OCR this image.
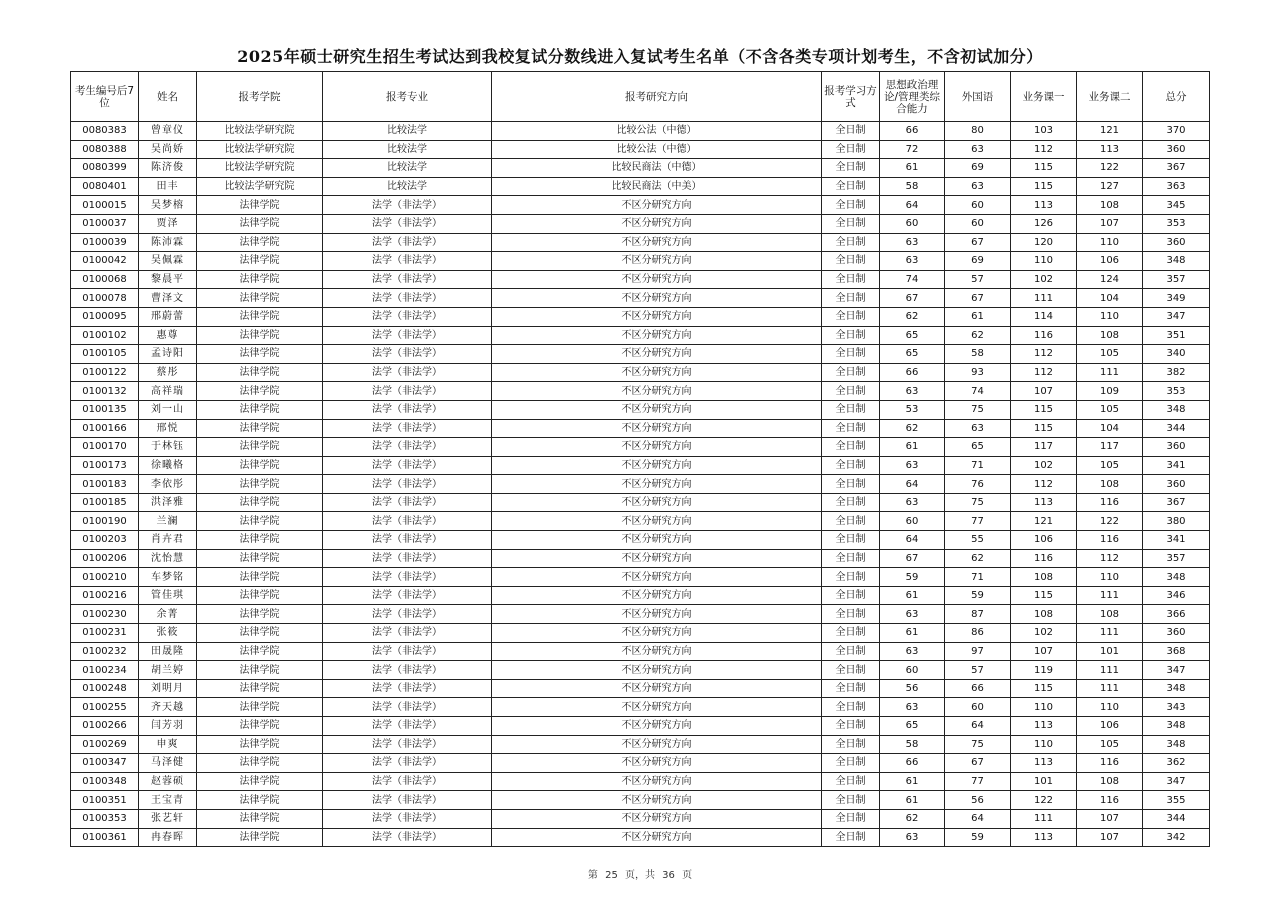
2025年硕士研究生招生考试达到我校复试分数线进入复试考生名单（不含各类专项计划考生，不含初试加分）
考生编号后7位	姓名	报考学院	报考专业	报考研究方向	报考学习方式	思想政治理论/管理类综合能力	外国语	业务课一	业务课二	总分
0080383	曾章仪	比较法学研究院	比较法学	比较公法（中德）	全日制	66	80	103	121	370
0080388	吴尚娇	比较法学研究院	比较法学	比较公法（中德）	全日制	72	63	112	113	360
0080399	陈济俊	比较法学研究院	比较法学	比较民商法（中德）	全日制	61	69	115	122	367
0080401	田丰	比较法学研究院	比较法学	比较民商法（中美）	全日制	58	63	115	127	363
0100015	吴梦榕	法律学院	法学（非法学）	不区分研究方向	全日制	64	60	113	108	345
0100037	贾泽	法律学院	法学（非法学）	不区分研究方向	全日制	60	60	126	107	353
0100039	陈沛霖	法律学院	法学（非法学）	不区分研究方向	全日制	63	67	120	110	360
0100042	吴佩霖	法律学院	法学（非法学）	不区分研究方向	全日制	63	69	110	106	348
0100068	黎晨平	法律学院	法学（非法学）	不区分研究方向	全日制	74	57	102	124	357
0100078	曹泽文	法律学院	法学（非法学）	不区分研究方向	全日制	67	67	111	104	349
0100095	邢蔚蕾	法律学院	法学（非法学）	不区分研究方向	全日制	62	61	114	110	347
0100102	惠尊	法律学院	法学（非法学）	不区分研究方向	全日制	65	62	116	108	351
0100105	孟诗阳	法律学院	法学（非法学）	不区分研究方向	全日制	65	58	112	105	340
0100122	蔡彤	法律学院	法学（非法学）	不区分研究方向	全日制	66	93	112	111	382
0100132	高祥瑞	法律学院	法学（非法学）	不区分研究方向	全日制	63	74	107	109	353
0100135	刘一山	法律学院	法学（非法学）	不区分研究方向	全日制	53	75	115	105	348
0100166	邢悦	法律学院	法学（非法学）	不区分研究方向	全日制	62	63	115	104	344
0100170	于林钰	法律学院	法学（非法学）	不区分研究方向	全日制	61	65	117	117	360
0100173	徐曦格	法律学院	法学（非法学）	不区分研究方向	全日制	63	71	102	105	341
0100183	李依彤	法律学院	法学（非法学）	不区分研究方向	全日制	64	76	112	108	360
0100185	洪泽雅	法律学院	法学（非法学）	不区分研究方向	全日制	63	75	113	116	367
0100190	兰澜	法律学院	法学（非法学）	不区分研究方向	全日制	60	77	121	122	380
0100203	肖卉君	法律学院	法学（非法学）	不区分研究方向	全日制	64	55	106	116	341
0100206	沈怡慧	法律学院	法学（非法学）	不区分研究方向	全日制	67	62	116	112	357
0100210	车梦铭	法律学院	法学（非法学）	不区分研究方向	全日制	59	71	108	110	348
0100216	管佳琪	法律学院	法学（非法学）	不区分研究方向	全日制	61	59	115	111	346
0100230	余菁	法律学院	法学（非法学）	不区分研究方向	全日制	63	87	108	108	366
0100231	张筱	法律学院	法学（非法学）	不区分研究方向	全日制	61	86	102	111	360
0100232	田晟隆	法律学院	法学（非法学）	不区分研究方向	全日制	63	97	107	101	368
0100234	胡兰婷	法律学院	法学（非法学）	不区分研究方向	全日制	60	57	119	111	347
0100248	刘明月	法律学院	法学（非法学）	不区分研究方向	全日制	56	66	115	111	348
0100255	齐天越	法律学院	法学（非法学）	不区分研究方向	全日制	63	60	110	110	343
0100266	闫芳羽	法律学院	法学（非法学）	不区分研究方向	全日制	65	64	113	106	348
0100269	申爽	法律学院	法学（非法学）	不区分研究方向	全日制	58	75	110	105	348
0100347	马泽健	法律学院	法学（非法学）	不区分研究方向	全日制	66	67	113	116	362
0100348	赵蓉硕	法律学院	法学（非法学）	不区分研究方向	全日制	61	77	101	108	347
0100351	王宝青	法律学院	法学（非法学）	不区分研究方向	全日制	61	56	122	116	355
0100353	张艺轩	法律学院	法学（非法学）	不区分研究方向	全日制	62	64	111	107	344
0100361	冉春晖	法律学院	法学（非法学）	不区分研究方向	全日制	63	59	113	107	342
第 25 页，共 36 页
